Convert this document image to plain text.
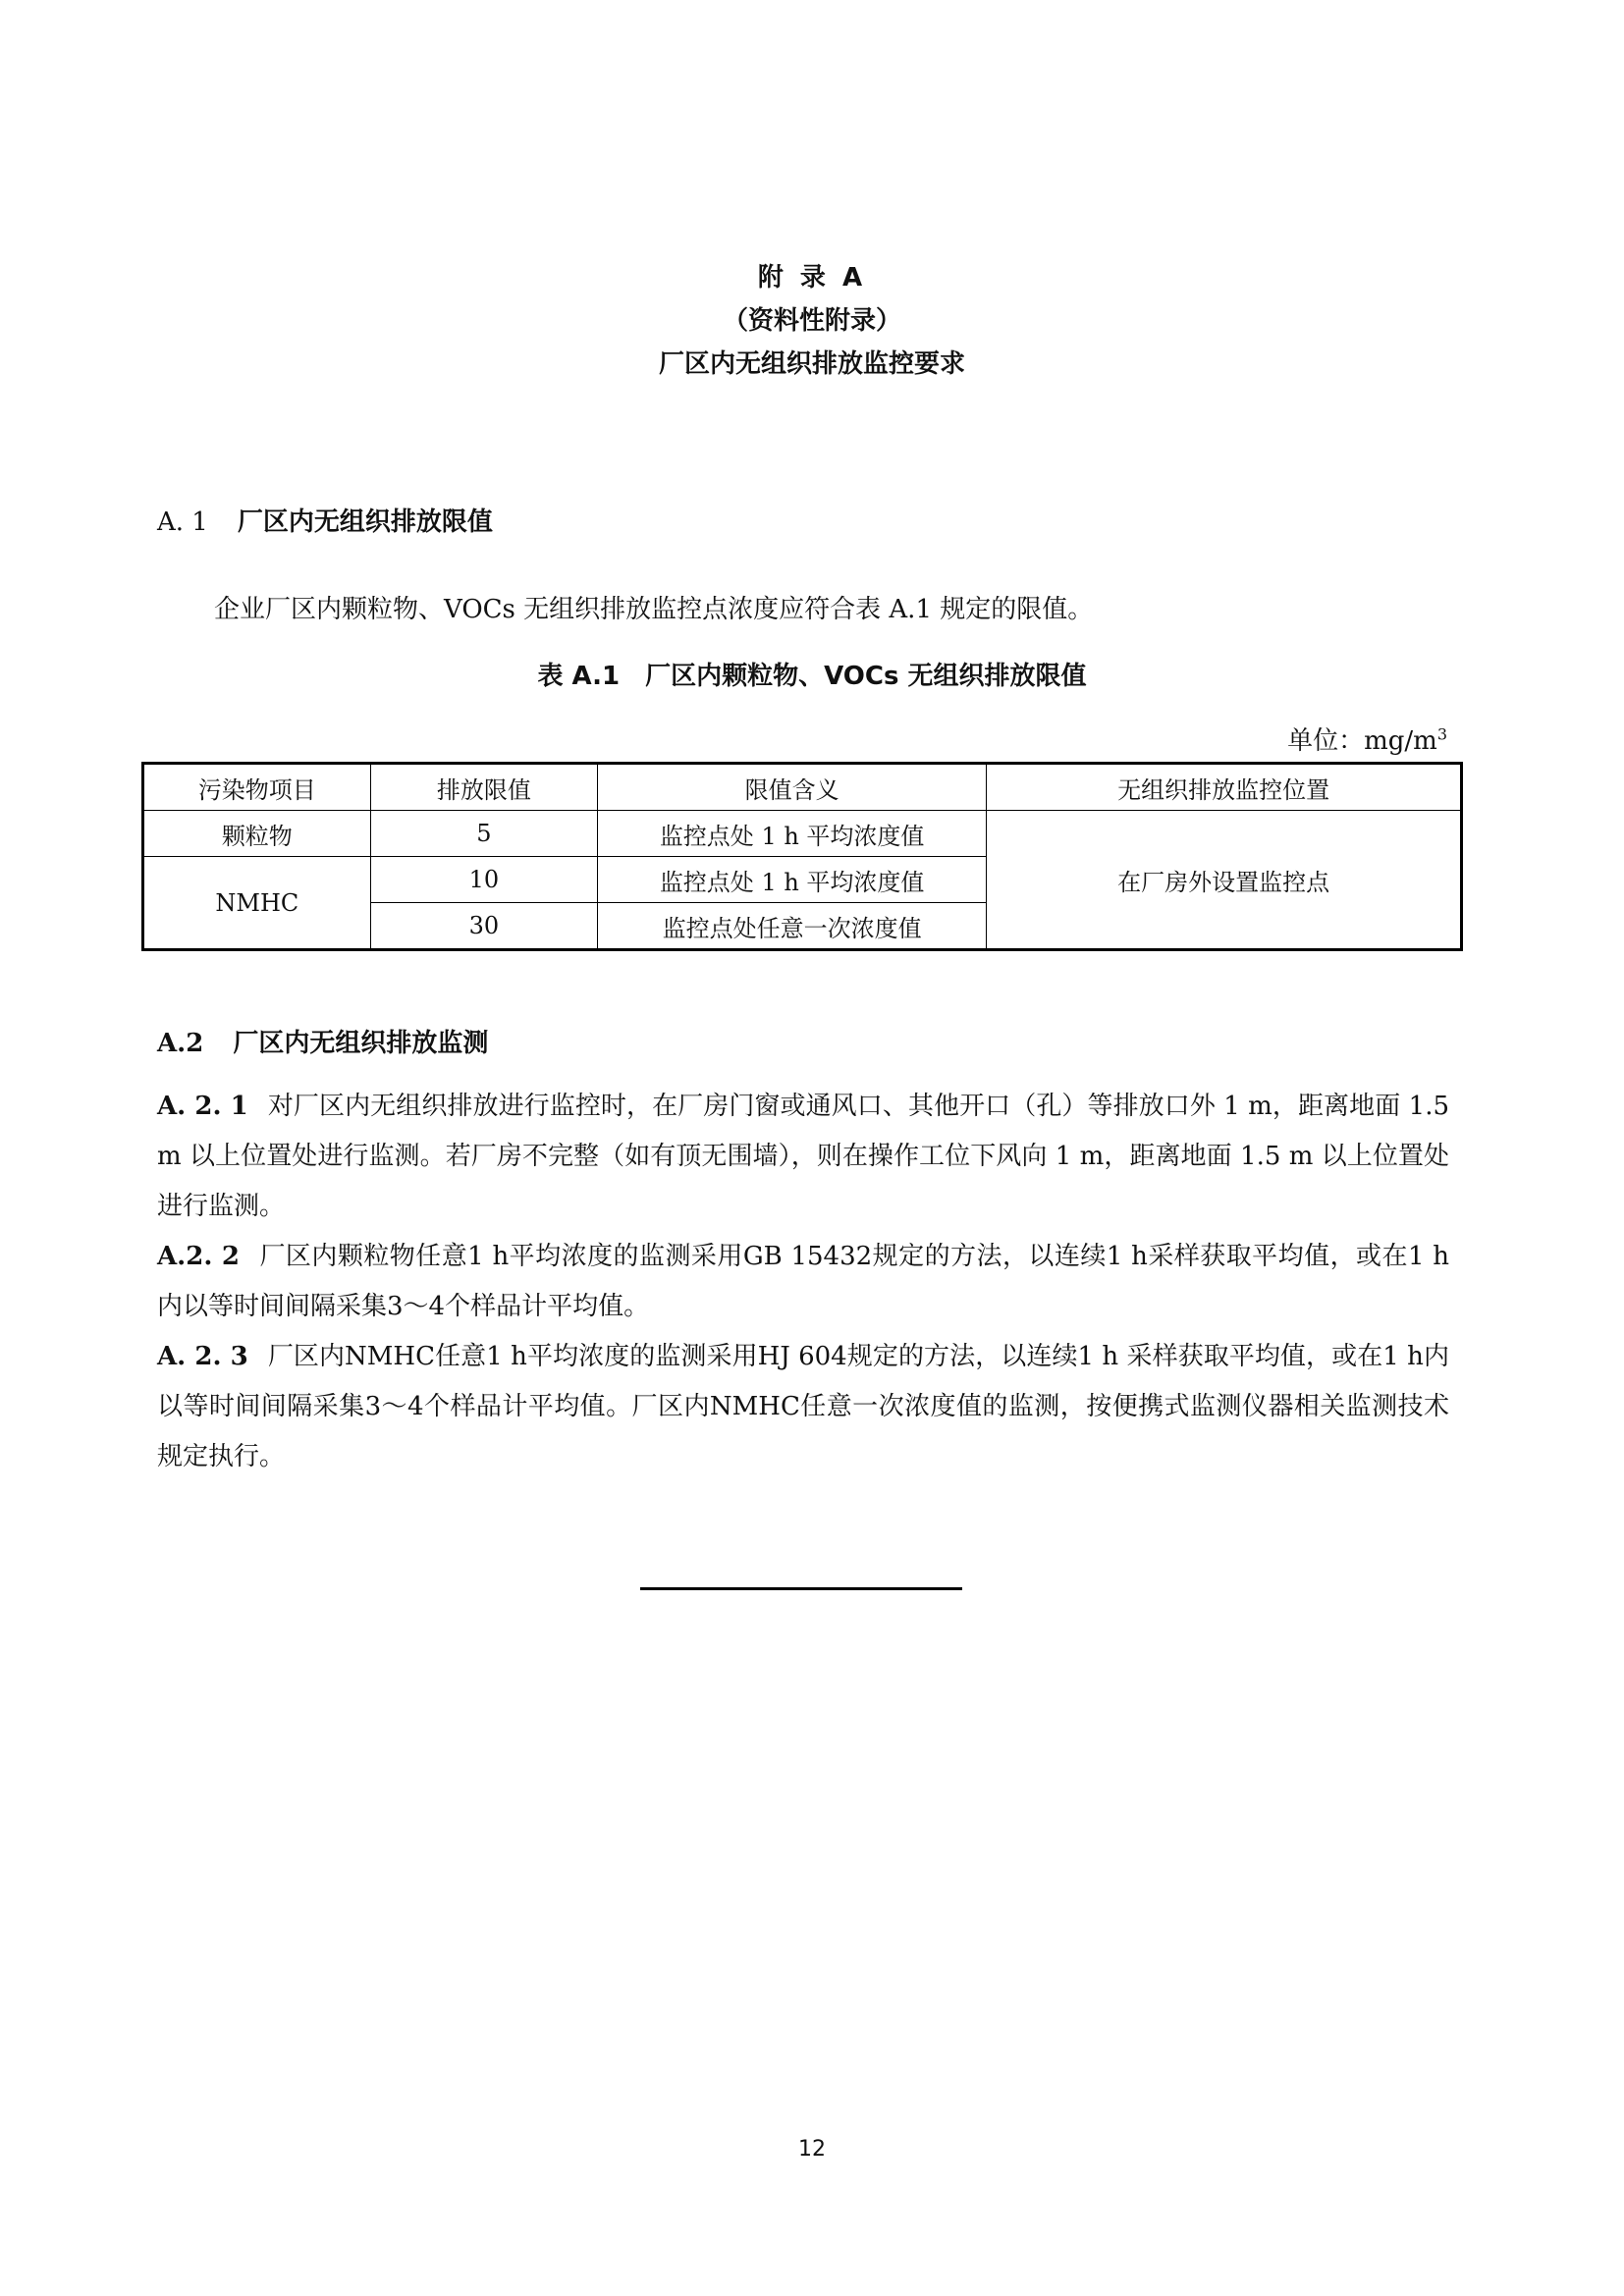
附 录 A
（资料性附录）
厂区内无组织排放监控要求
A. 1 厂区内无组织排放限值
企业厂区内颗粒物、VOCs 无组织排放监控点浓度应符合表 A.1 规定的限值。
表 A.1　厂区内颗粒物、VOCs 无组织排放限值
单位：$mg/m^3$
污染物项目	排放限值	限值含义	无组织排放监控位置
颗粒物	5	监控点处 1 h 平均浓度值	在厂房外设置监控点
NMHC	10	监控点处 1 h 平均浓度值	
	30	监控点处任意一次浓度值	
A.2 厂区内无组织排放监测
A. 2. 1 对厂区内无组织排放进行监控时，在厂房门窗或通风口、其他开口（孔）等排放口外 1 m，距离地面 1.5 m 以上位置处进行监测。若厂房不完整（如有顶无围墙），则在操作工位下风向 1 m，距离地面 1.5 m 以上位置处进行监测。
A.2. 2 厂区内颗粒物任意1 h平均浓度的监测采用GB 15432规定的方法，以连续1 h采样获取平均值，或在1 h内以等时间间隔采集3～4个样品计平均值。
A. 2. 3 厂区内NMHC任意1 h平均浓度的监测采用HJ 604规定的方法，以连续1 h 采样获取平均值，或在1 h内以等时间间隔采集3～4个样品计平均值。厂区内NMHC任意一次浓度值的监测，按便携式监测仪器相关监测技术规定执行。
12
